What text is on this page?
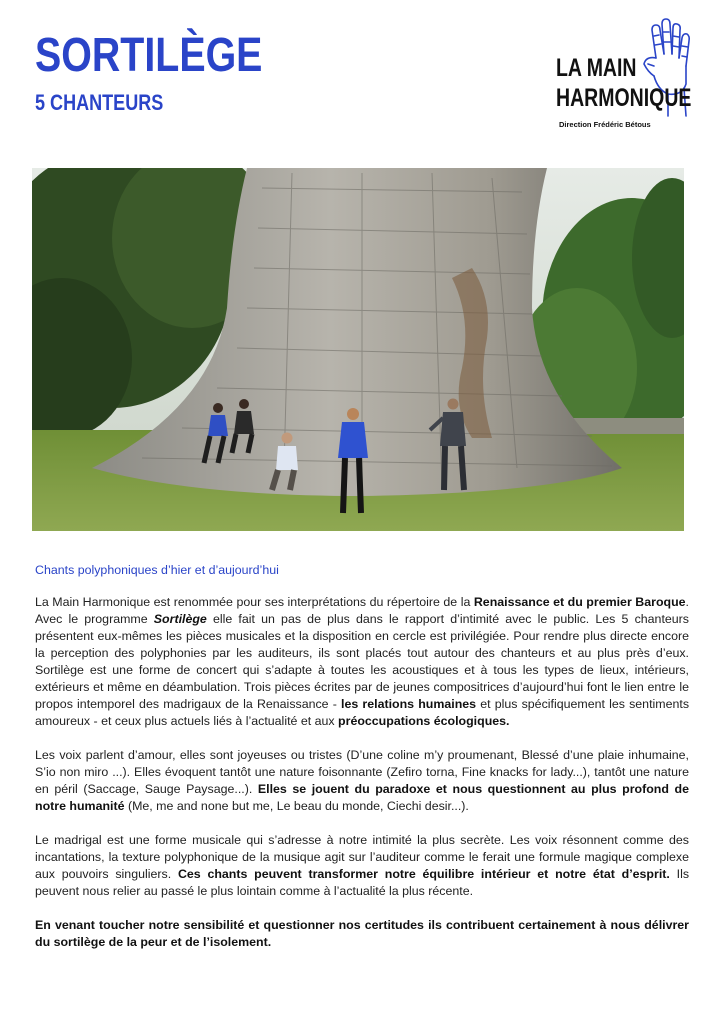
SORTILÈGE
5 CHANTEURS
LA MAIN
HARMONIQUE
Direction Frédéric Bétous
Chants polyphoniques d’hier et d’aujourd’hui

La Main Harmonique est renommée pour ses interprétations du répertoire de la Renaissance et du premier Baroque. Avec le programme Sortilège elle fait un pas de plus dans le rapport d’intimité avec le public. Les 5 chanteurs présentent eux-mêmes les pièces musicales et la disposition en cercle est privilégiée. Pour rendre plus directe encore la perception des polyphonies par les auditeurs, ils sont placés tout autour des chanteurs et au plus près d’eux. Sortilège est une forme de concert qui s’adapte à toutes les acoustiques et à tous les types de lieux, intérieurs, extérieurs et même en déambulation. Trois pièces écrites par de jeunes compositrices d’aujourd’hui font le lien entre le propos intemporel des madrigaux de la Renaissance - les relations humaines et plus spécifiquement les sentiments amoureux - et ceux plus actuels liés à l’actualité et aux préoccupations écologiques.

Les voix parlent d’amour, elles sont joyeuses ou tristes (D’une coline m’y proumenant, Blessé d’une plaie inhumaine, S’io non miro ...). Elles évoquent tantôt une nature foisonnante (Zefiro torna, Fine knacks for lady...), tantôt une nature en péril (Saccage, Sauge Paysage...). Elles se jouent du paradoxe et nous questionnent au plus profond de notre humanité (Me, me and none but me, Le beau du monde, Ciechi desir...).

Le madrigal est une forme musicale qui s’adresse à notre intimité la plus secrète. Les voix résonnent comme des incantations, la texture polyphonique de la musique agit sur l’auditeur comme le ferait une formule magique complexe aux pouvoirs singuliers. Ces chants peuvent transformer notre équilibre intérieur et notre état d’esprit. Ils peuvent nous relier au passé le plus lointain comme à l’actualité la plus récente.

En venant toucher notre sensibilité et questionner nos certitudes ils contribuent certainement à nous délivrer du sortilège de la peur et de l’isolement.
